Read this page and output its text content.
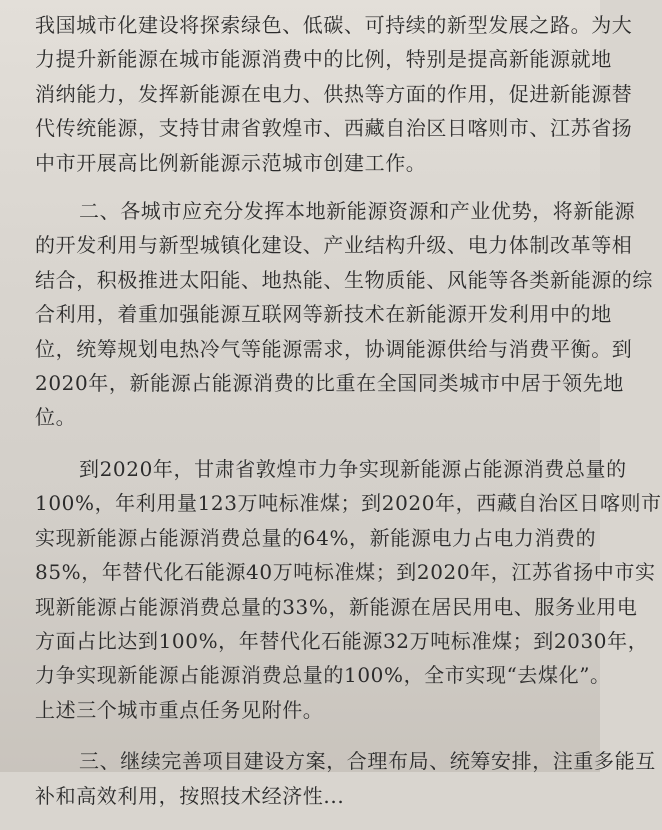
我国城市化建设将探索绿色、低碳、可持续的新型发展之路。为大
力提升新能源在城市能源消费中的比例，特别是提高新能源就地
消纳能力，发挥新能源在电力、供热等方面的作用，促进新能源替
代传统能源，支持甘肃省敦煌市、西藏自治区日喀则市、江苏省扬
中市开展高比例新能源示范城市创建工作。
二、各城市应充分发挥本地新能源资源和产业优势，将新能源
的开发利用与新型城镇化建设、产业结构升级、电力体制改革等相
结合，积极推进太阳能、地热能、生物质能、风能等各类新能源的综
合利用，着重加强能源互联网等新技术在新能源开发利用中的地
位，统筹规划电热冷气等能源需求，协调能源供给与消费平衡。到
2020年，新能源占能源消费的比重在全国同类城市中居于领先地
位。
到2020年，甘肃省敦煌市力争实现新能源占能源消费总量的
100%，年利用量123万吨标准煤；到2020年，西藏自治区日喀则市
实现新能源占能源消费总量的64%，新能源电力占电力消费的
85%，年替代化石能源40万吨标准煤；到2020年，江苏省扬中市实
现新能源占能源消费总量的33%，新能源在居民用电、服务业用电
方面占比达到100%，年替代化石能源32万吨标准煤；到2030年，
力争实现新能源占能源消费总量的100%，全市实现“去煤化”。
上述三个城市重点任务见附件。
三、继续完善项目建设方案，合理布局、统筹安排，注重多能互
补和高效利用，按照技术经济性...
